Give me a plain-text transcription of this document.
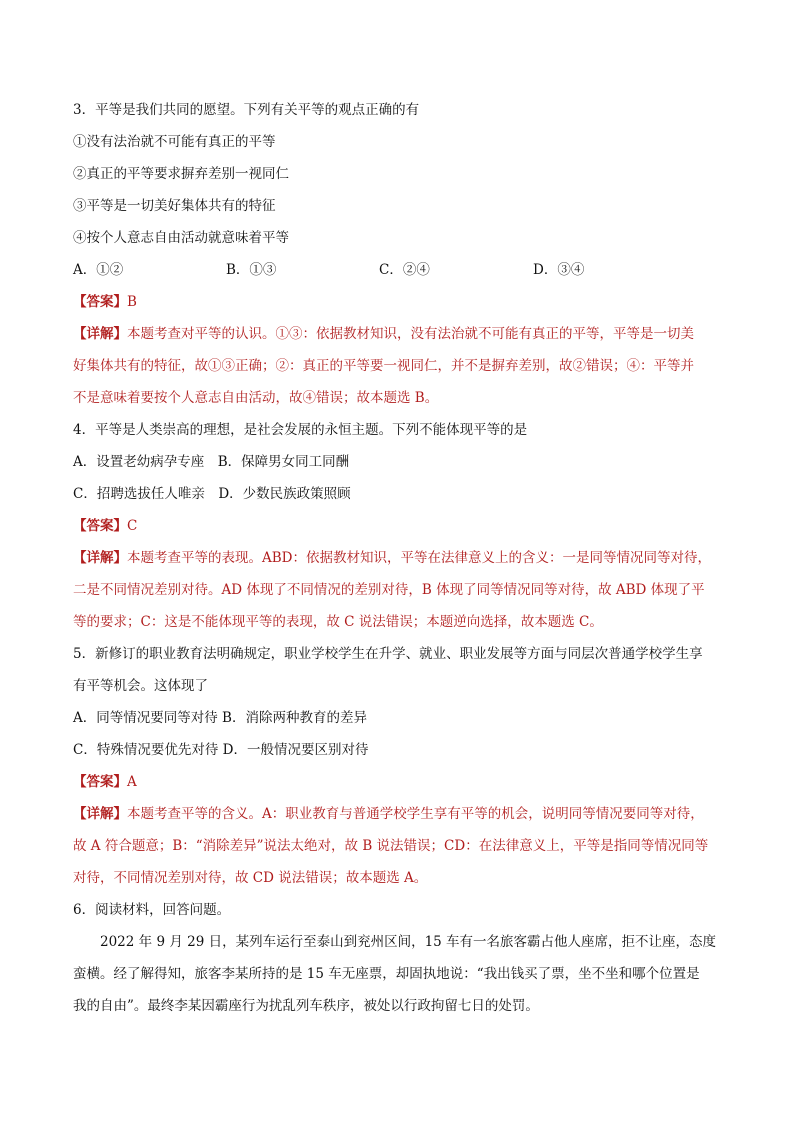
3．平等是我们共同的愿望。下列有关平等的观点正确的有
①没有法治就不可能有真正的平等
②真正的平等要求摒弃差别一视同仁
③平等是一切美好集体共有的特征
④按个人意志自由活动就意味着平等
A．①②	B．①③	C．②④	D．③④
【答案】B
【详解】本题考查对平等的认识。①③：依据教材知识，没有法治就不可能有真正的平等，平等是一切美
好集体共有的特征，故①③正确；②：真正的平等要一视同仁，并不是摒弃差别，故②错误；④：平等并
不是意味着要按个人意志自由活动，故④错误；故本题选 B。
4．平等是人类崇高的理想，是社会发展的永恒主题。下列不能体现平等的是
A．设置老幼病孕专座　B．保障男女同工同酬
C．招聘选拔任人唯亲　D．少数民族政策照顾
【答案】C
【详解】本题考查平等的表现。ABD：依据教材知识，平等在法律意义上的含义：一是同等情况同等对待，
二是不同情况差别对待。AD 体现了不同情况的差别对待，B 体现了同等情况同等对待，故 ABD 体现了平
等的要求；C：这是不能体现平等的表现，故 C 说法错误；本题逆向选择，故本题选 C。
5．新修订的职业教育法明确规定，职业学校学生在升学、就业、职业发展等方面与同层次普通学校学生享
有平等机会。这体现了
A．同等情况要同等对待 B．消除两种教育的差异
C．特殊情况要优先对待 D．一般情况要区别对待
【答案】A
【详解】本题考查平等的含义。A：职业教育与普通学校学生享有平等的机会，说明同等情况要同等对待，
故 A 符合题意；B：“消除差异”说法太绝对，故 B 说法错误；CD：在法律意义上，平等是指同等情况同等
对待，不同情况差别对待，故 CD 说法错误；故本题选 A。
6．阅读材料，回答问题。
2022 年 9 月 29 日，某列车运行至泰山到兖州区间，15 车有一名旅客霸占他人座席，拒不让座，态度
蛮横。经了解得知，旅客李某所持的是 15 车无座票，却固执地说：“我出钱买了票，坐不坐和哪个位置是
我的自由”。最终李某因霸座行为扰乱列车秩序，被处以行政拘留七日的处罚。
